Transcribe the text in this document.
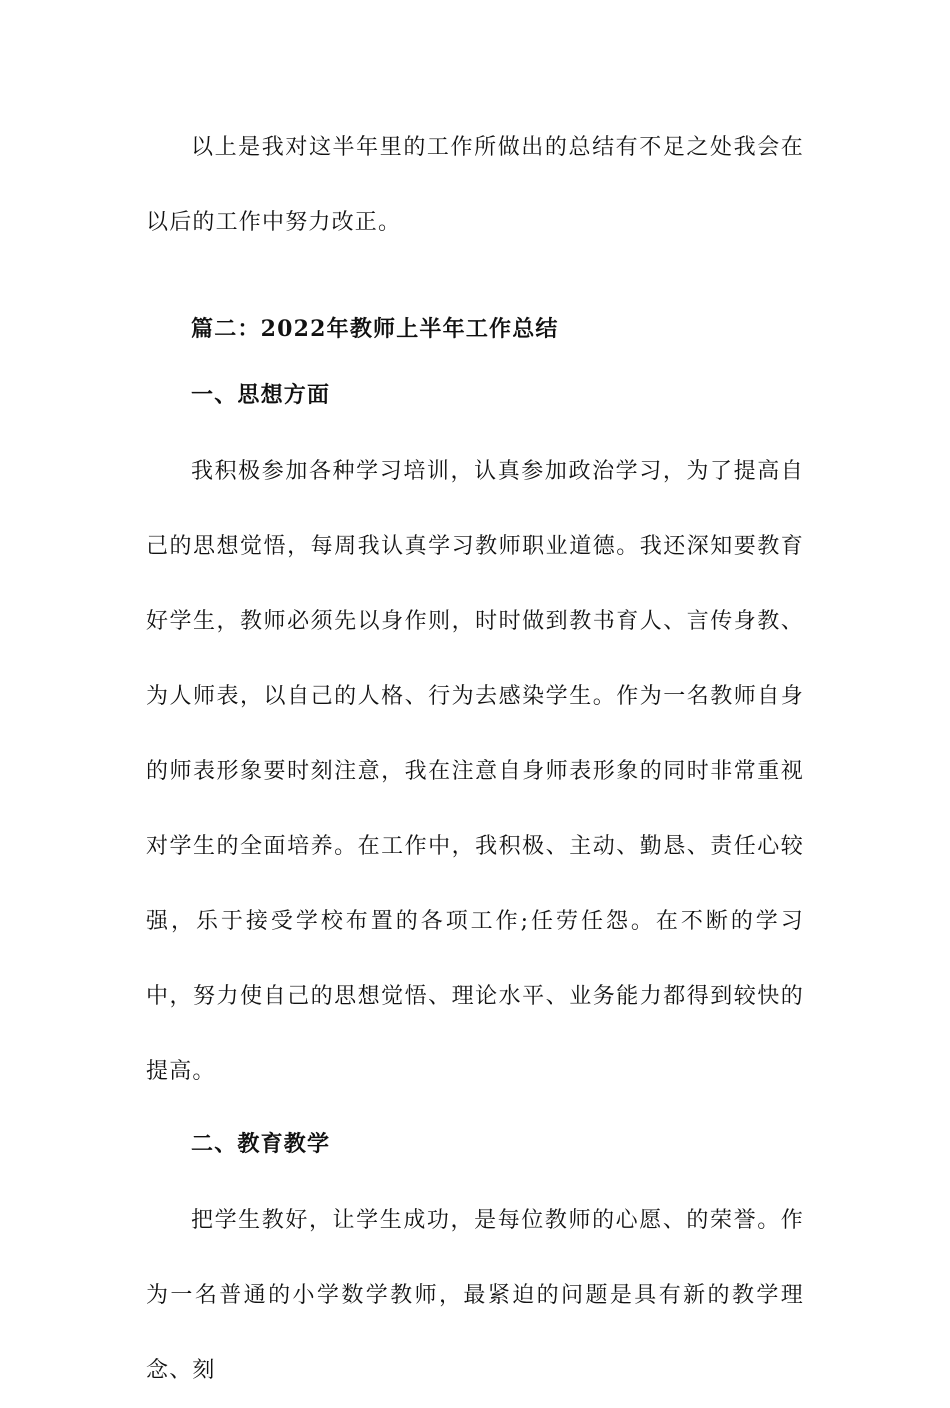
以上是我对这半年里的工作所做出的总结有不足之处我会在以后的工作中努力改正。

篇二：2022年教师上半年工作总结
一、思想方面

我积极参加各种学习培训，认真参加政治学习，为了提高自己的思想觉悟，每周我认真学习教师职业道德。我还深知要教育好学生，教师必须先以身作则，时时做到教书育人、言传身教、为人师表，以自己的人格、行为去感染学生。作为一名教师自身的师表形象要时刻注意，我在注意自身师表形象的同时非常重视对学生的全面培养。在工作中，我积极、主动、勤恳、责任心较强，乐于接受学校布置的各项工作;任劳任怨。在不断的学习中，努力使自己的思想觉悟、理论水平、业务能力都得到较快的提高。

二、教育教学

把学生教好，让学生成功，是每位教师的心愿、的荣誉。作为一名普通的小学数学教师，最紧迫的问题是具有新的教学理念、刻
